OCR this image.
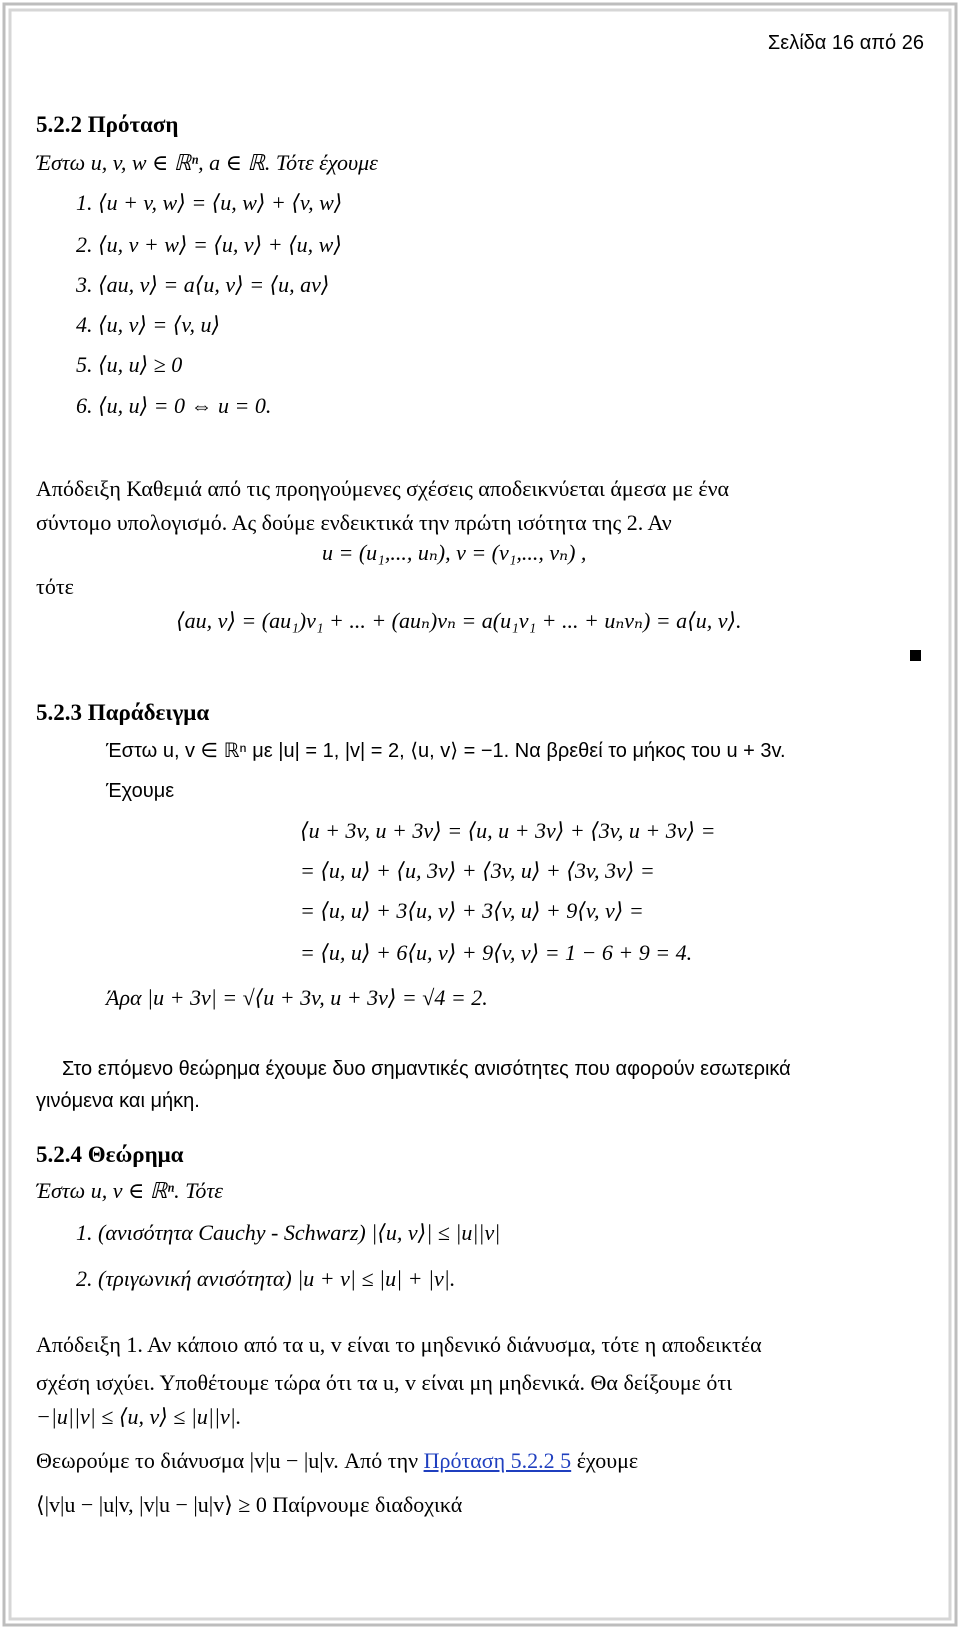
Σελίδα 16 από 26
5.2.2 Πρόταση
Έστω u, v, w ∈ ℝⁿ, a ∈ ℝ. Τότε έχουμε
1. ⟨u + v, w⟩ = ⟨u, w⟩ + ⟨v, w⟩
2. ⟨u, v + w⟩ = ⟨u, v⟩ + ⟨u, w⟩
3. ⟨au, v⟩ = a⟨u, v⟩ = ⟨u, av⟩
4. ⟨u, v⟩ = ⟨v, u⟩
5. ⟨u, u⟩ ≥ 0
6. ⟨u, u⟩ = 0 ⇔ u = 0.
Απόδειξη Καθεμιά από τις προηγούμενες σχέσεις αποδεικνύεται άμεσα με ένα
σύντομο υπολογισμό. Ας δούμε ενδεικτικά την πρώτη ισότητα της 2. Αν
u = (u₁,..., uₙ), v = (v₁,..., vₙ) ,
τότε
⟨au, v⟩ = (au₁)v₁ + ... + (auₙ)vₙ = a(u₁v₁ + ... + uₙvₙ) = a⟨u, v⟩.
5.2.3 Παράδειγμα
Έστω u, v ∈ ℝⁿ με |u| = 1, |v| = 2, ⟨u, v⟩ = −1. Να βρεθεί το μήκος του u + 3v.
Έχουμε
⟨u + 3v, u + 3v⟩ = ⟨u, u + 3v⟩ + ⟨3v, u + 3v⟩ =
= ⟨u, u⟩ + ⟨u, 3v⟩ + ⟨3v, u⟩ + ⟨3v, 3v⟩ =
= ⟨u, u⟩ + 3⟨u, v⟩ + 3⟨v, u⟩ + 9⟨v, v⟩ =
= ⟨u, u⟩ + 6⟨u, v⟩ + 9⟨v, v⟩ = 1 − 6 + 9 = 4.
Άρα |u + 3v| = √⟨u + 3v, u + 3v⟩ = √4 = 2.
Στο επόμενο θεώρημα έχουμε δυο σημαντικές ανισότητες που αφορούν εσωτερικά
γινόμενα και μήκη.
5.2.4 Θεώρημα
Έστω u, v ∈ ℝⁿ. Τότε
1. (ανισότητα Cauchy - Schwarz) |⟨u, v⟩| ≤ |u||v|
2. (τριγωνική ανισότητα) |u + v| ≤ |u| + |v|.
Απόδειξη 1. Αν κάποιο από τα u, v είναι το μηδενικό διάνυσμα, τότε η αποδεικτέα
σχέση ισχύει. Υποθέτουμε τώρα ότι τα u, v είναι μη μηδενικά. Θα δείξουμε ότι
−|u||v| ≤ ⟨u, v⟩ ≤ |u||v|.
Θεωρούμε το διάνυσμα |v|u − |u|v. Από την Πρόταση 5.2.2 5 έχουμε
⟨|v|u − |u|v, |v|u − |u|v⟩ ≥ 0 Παίρνουμε διαδοχικά
